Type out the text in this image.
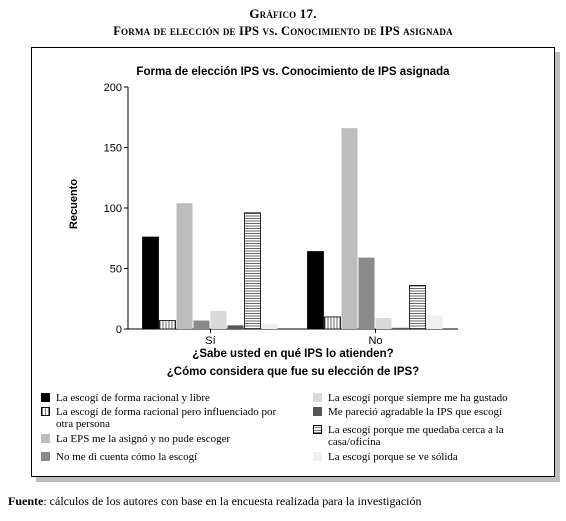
Gráfico 17.
Forma de elección de IPS vs. Conocimiento de IPS asignada
Forma de elección IPS vs. Conocimiento de IPS asignada
Recuento
0
50
100
150
200
Sí	No
¿Sabe usted en qué IPS lo atienden?
¿Cómo considera que fue su elección de IPS?
La escogí de forma racional y libre
La escogí de forma racional pero influenciado por otra persona
La EPS me la asignó y no pude escoger
No me di cuenta cómo la escogí
La escogí porque siempre me ha gustado
Me pareció agradable la IPS que escogí
La escogí porque me quedaba cerca a la casa/oficina
La escogí porque se ve sólida
Fuente: cálculos de los autores con base en la encuesta realizada para la investigación
